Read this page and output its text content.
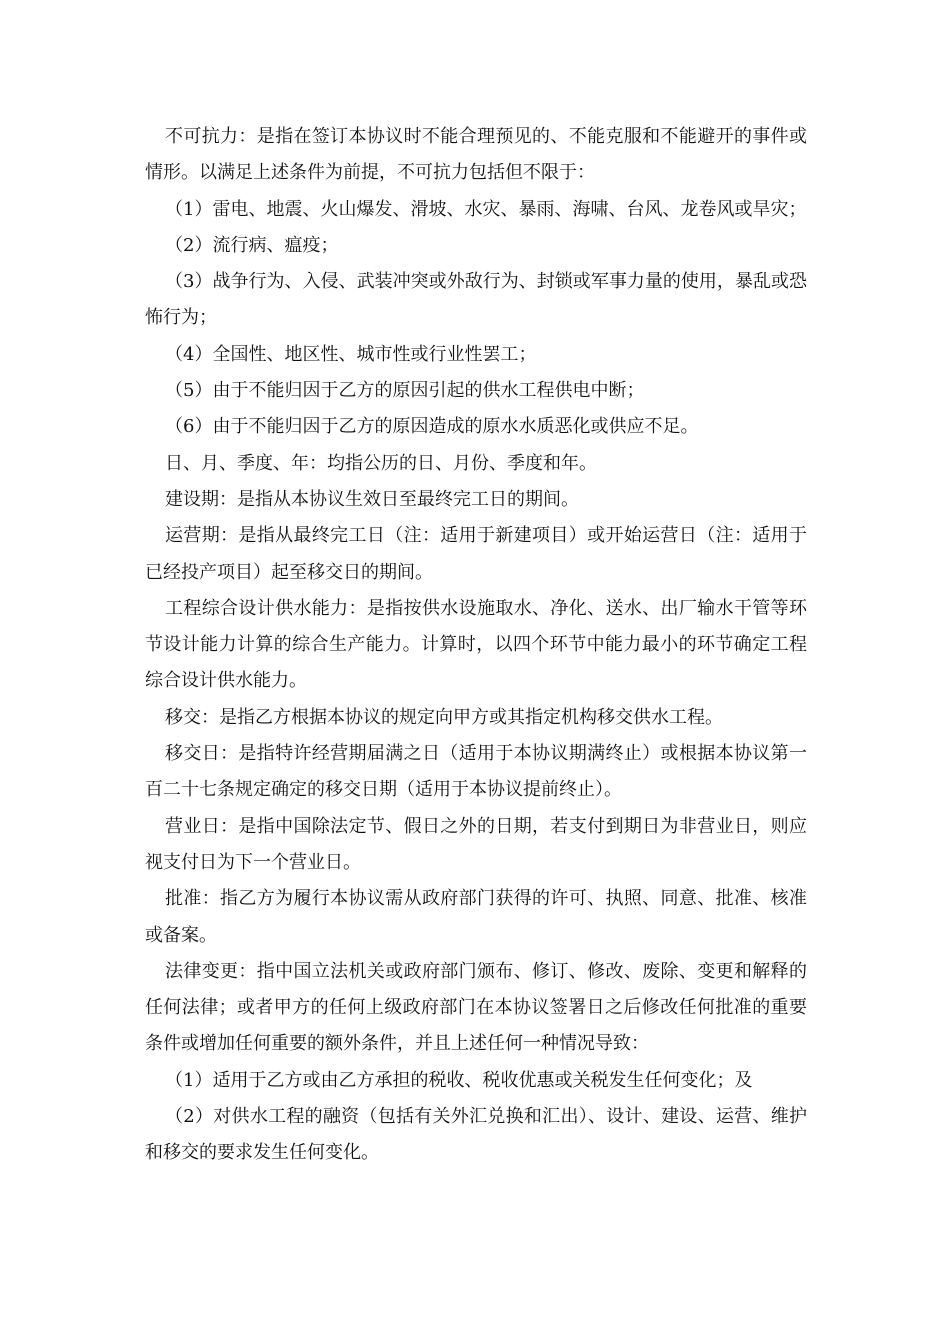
不可抗力：是指在签订本协议时不能合理预见的、不能克服和不能避开的事件或情形。以满足上述条件为前提，不可抗力包括但不限于：

（1）雷电、地震、火山爆发、滑坡、水灾、暴雨、海啸、台风、龙卷风或旱灾；

（2）流行病、瘟疫；

（3）战争行为、入侵、武装冲突或外敌行为、封锁或军事力量的使用，暴乱或恐怖行为；

（4）全国性、地区性、城市性或行业性罢工；

（5）由于不能归因于乙方的原因引起的供水工程供电中断；

（6）由于不能归因于乙方的原因造成的原水水质恶化或供应不足。

日、月、季度、年：均指公历的日、月份、季度和年。

建设期：是指从本协议生效日至最终完工日的期间。

运营期：是指从最终完工日（注：适用于新建项目）或开始运营日（注：适用于已经投产项目）起至移交日的期间。

工程综合设计供水能力：是指按供水设施取水、净化、送水、出厂输水干管等环节设计能力计算的综合生产能力。计算时，以四个环节中能力最小的环节确定工程综合设计供水能力。

移交：是指乙方根据本协议的规定向甲方或其指定机构移交供水工程。

移交日：是指特许经营期届满之日（适用于本协议期满终止）或根据本协议第一百二十七条规定确定的移交日期（适用于本协议提前终止）。

营业日：是指中国除法定节、假日之外的日期，若支付到期日为非营业日，则应视支付日为下一个营业日。

批准：指乙方为履行本协议需从政府部门获得的许可、执照、同意、批准、核准或备案。

法律变更：指中国立法机关或政府部门颁布、修订、修改、废除、变更和解释的任何法律；或者甲方的任何上级政府部门在本协议签署日之后修改任何批准的重要条件或增加任何重要的额外条件，并且上述任何一种情况导致：

（1）适用于乙方或由乙方承担的税收、税收优惠或关税发生任何变化；及

（2）对供水工程的融资（包括有关外汇兑换和汇出）、设计、建设、运营、维护和移交的要求发生任何变化。
